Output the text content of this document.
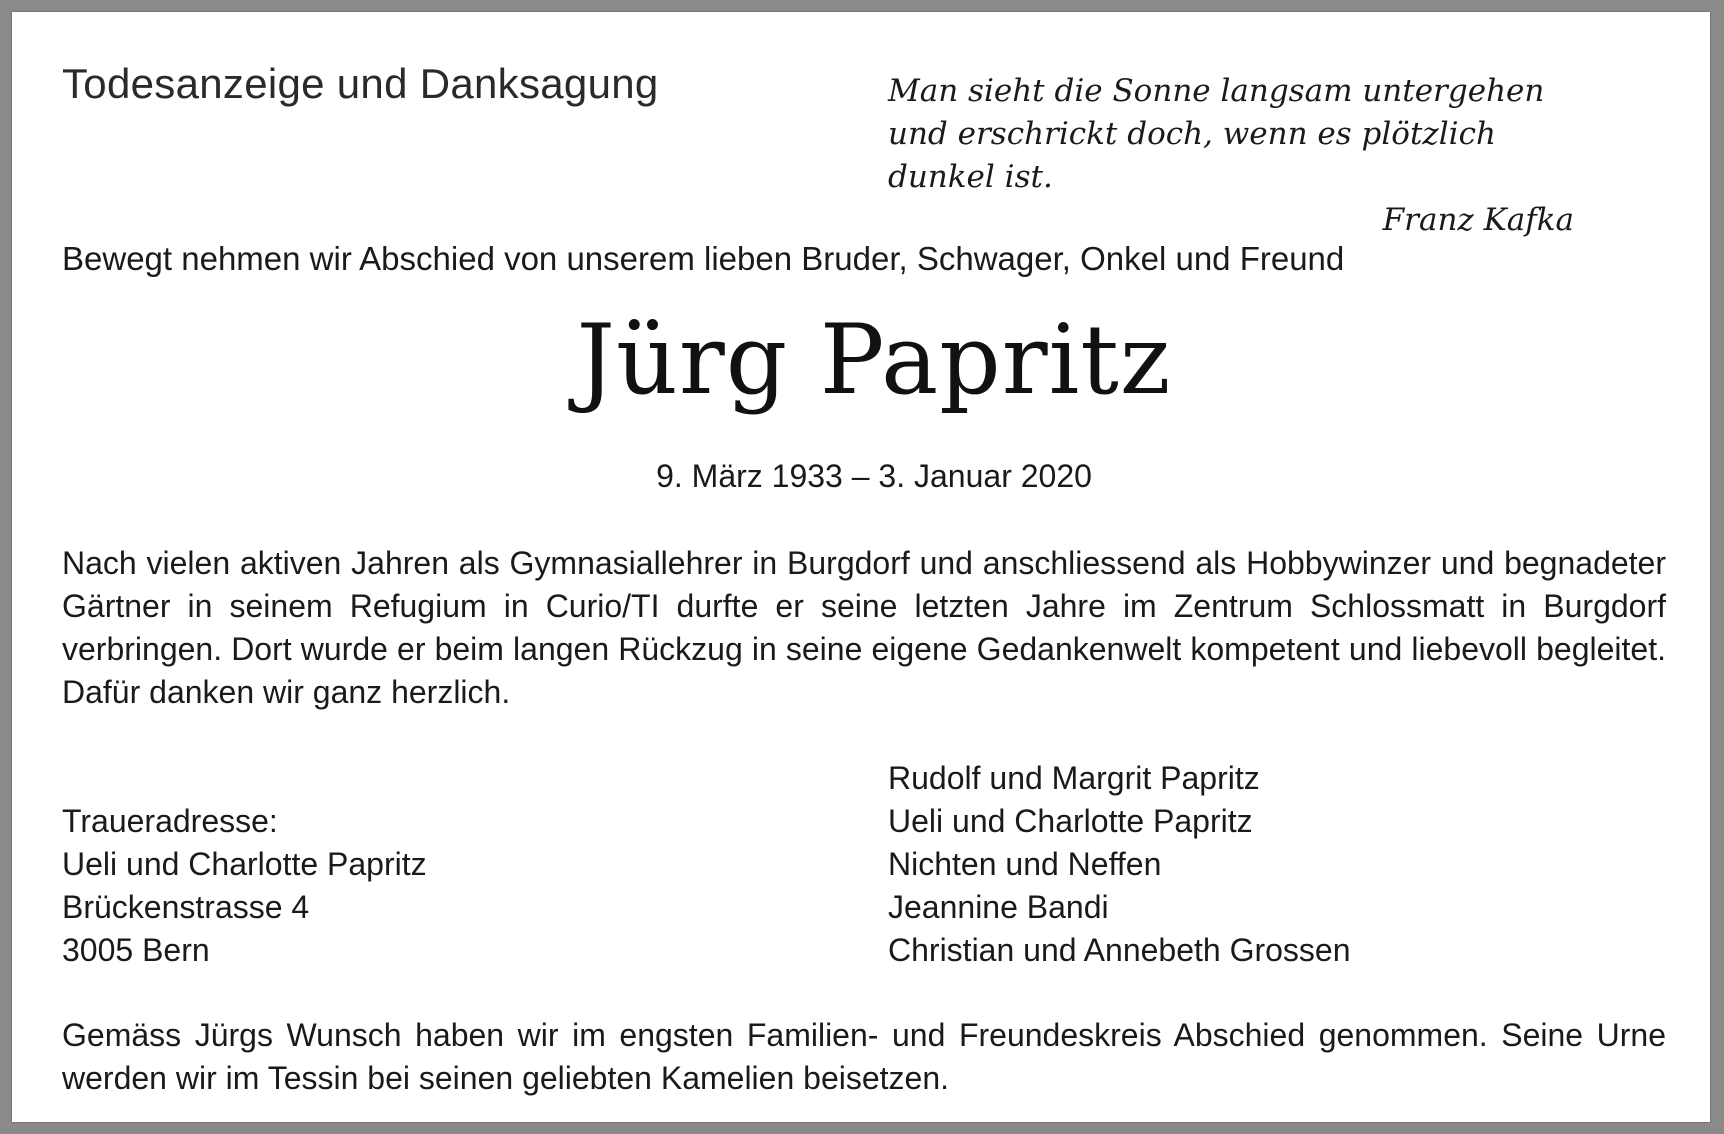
Todesanzeige und Danksagung	Man sieht die Sonne langsam untergehen
und erschrickt doch, wenn es plötzlich dunkel ist.

Franz Kafka

Bewegt nehmen wir Abschied von unserem lieben Bruder, Schwager, Onkel und Freund

Jürg Papritz

9. März 1933 – 3. Januar 2020

Nach vielen aktiven Jahren als Gymnasiallehrer in Burgdorf und anschliessend als Hobbywinzer und begnadeter Gärtner in seinem Refugium in Curio/TI durfte er seine letzten Jahre im Zentrum Schlossmatt in Burgdorf verbringen. Dort wurde er beim langen Rückzug in seine eigene Gedankenwelt kompetent und liebevoll begleitet. Dafür danken wir ganz herzlich.

Traueradresse:
Ueli und Charlotte Papritz
Brückenstrasse 4
3005 Bern
Rudolf und Margrit Papritz
Ueli und Charlotte Papritz
Nichten und Neffen
Jeannine Bandi
Christian und Annebeth Grossen

Gemäss Jürgs Wunsch haben wir im engsten Familien- und Freundeskreis Abschied genommen. Seine Urne werden wir im Tessin bei seinen geliebten Kamelien beisetzen.
